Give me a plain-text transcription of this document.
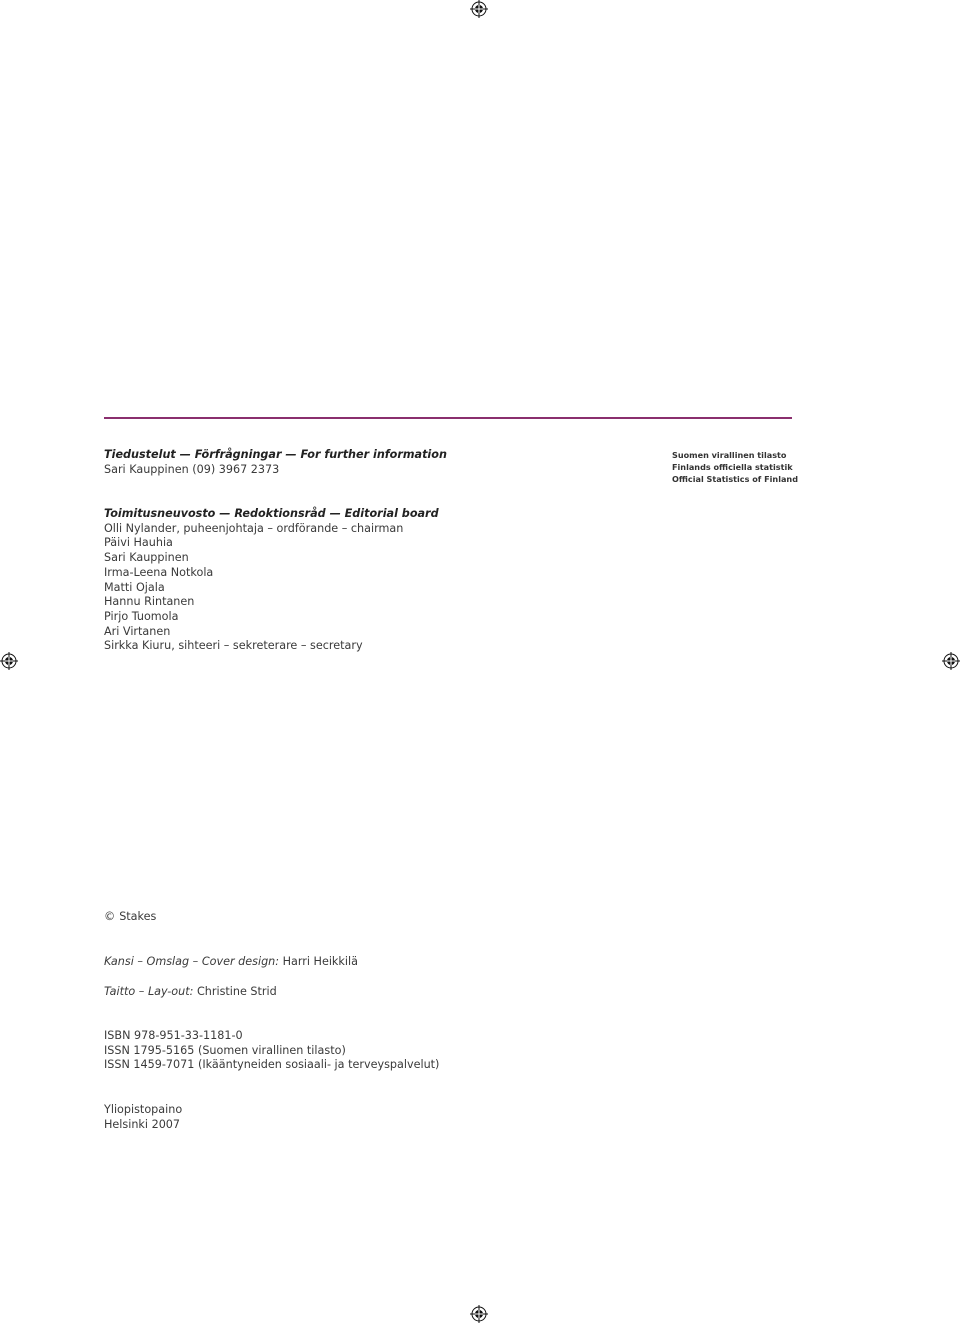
Tiedustelut — Förfrågningar — For further information
Sari Kauppinen (09) 3967 2373
Suomen virallinen tilasto
Finlands officiella statistik
Official Statistics of Finland
Toimitusneuvosto — Redoktionsråd — Editorial board
Olli Nylander, puheenjohtaja – ordförande – chairman
Päivi Hauhia
Sari Kauppinen
Irma-Leena Notkola
Matti Ojala
Hannu Rintanen
Pirjo Tuomola
Ari Virtanen
Sirkka Kiuru, sihteeri – sekreterare – secretary
© Stakes
Kansi – Omslag – Cover design: Harri Heikkilä
Taitto – Lay-out: Christine Strid
ISBN 978-951-33-1181-0
ISSN 1795-5165 (Suomen virallinen tilasto)
ISSN 1459-7071 (Ikääntyneiden sosiaali- ja terveyspalvelut)
Yliopistopaino
Helsinki 2007
